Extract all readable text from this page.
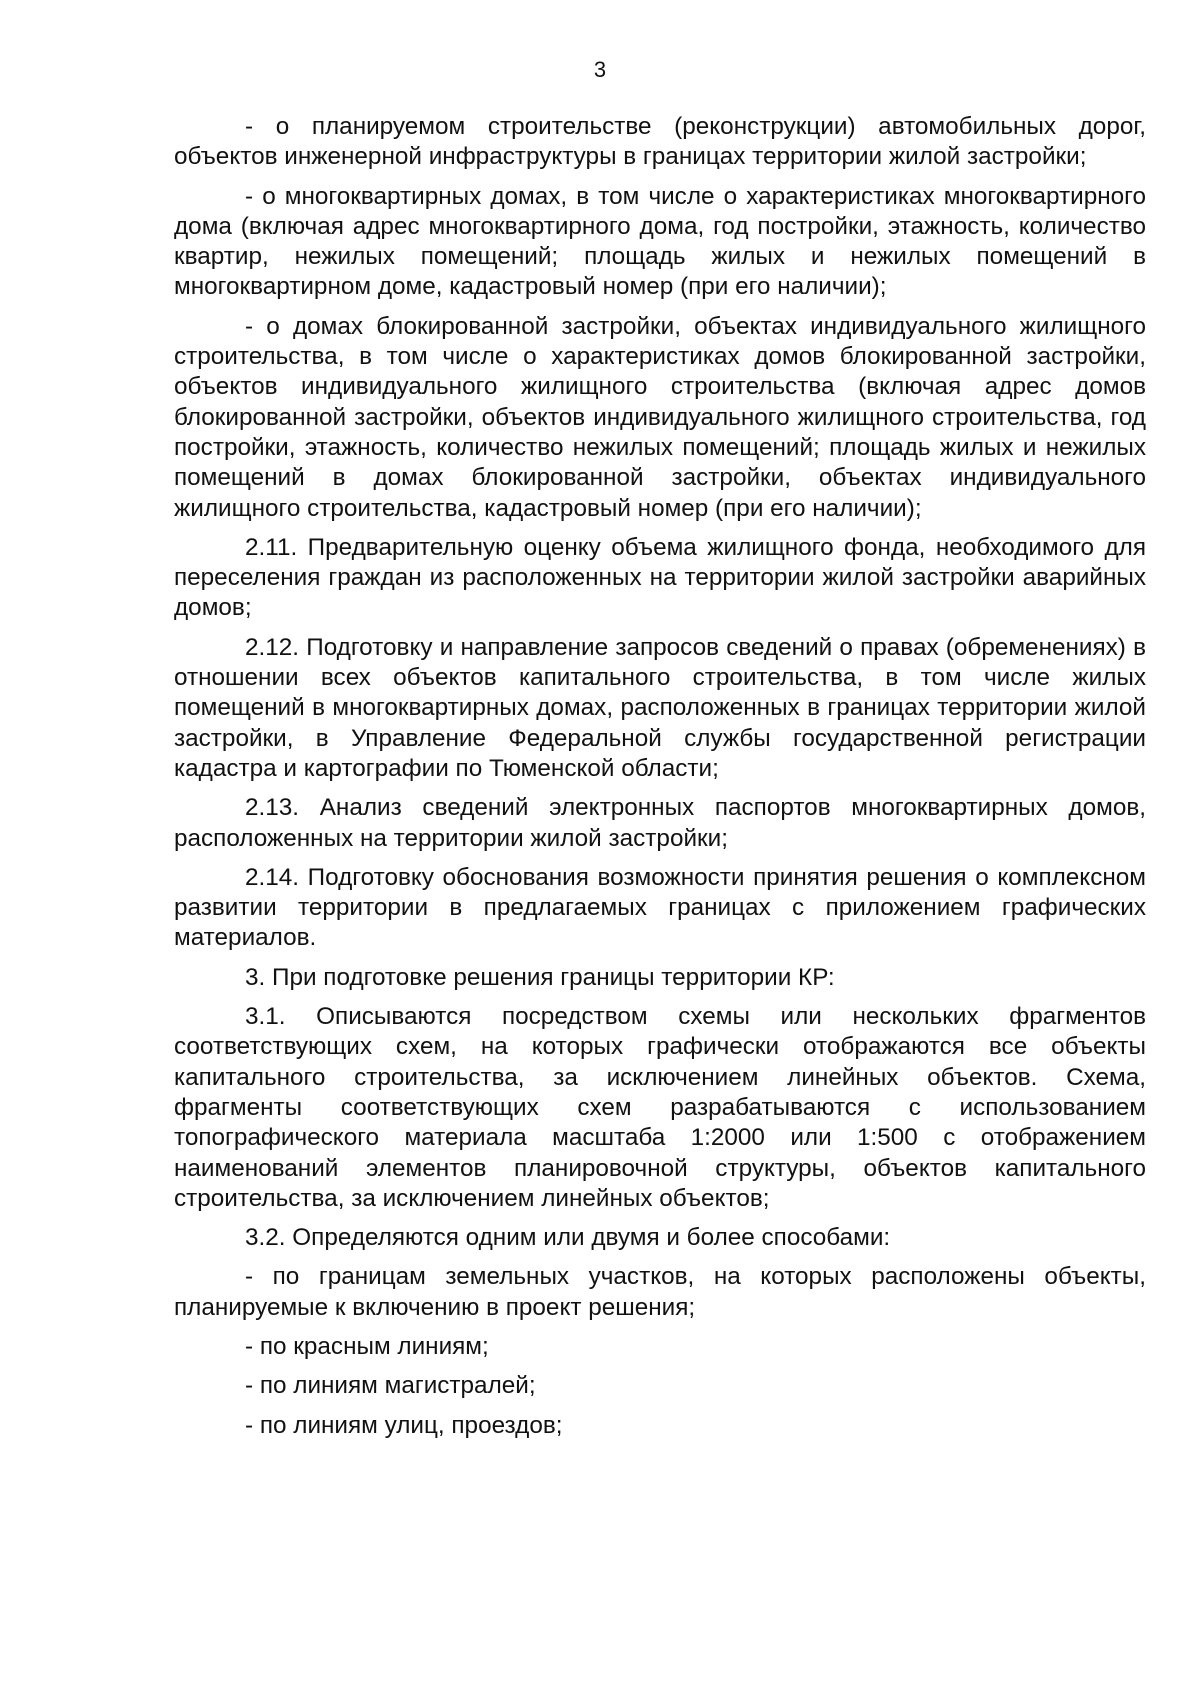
3

- о планируемом строительстве (реконструкции) автомобильных дорог, объектов инженерной инфраструктуры в границах территории жилой застройки;

- о многоквартирных домах, в том числе о характеристиках многоквартирного дома (включая адрес многоквартирного дома, год постройки, этажность, количество квартир, нежилых помещений; площадь жилых и нежилых помещений в многоквартирном доме, кадастровый номер (при его наличии);

- о домах блокированной застройки, объектах индивидуального жилищного строительства, в том числе о характеристиках домов блокированной застройки, объектов индивидуального жилищного строительства (включая адрес домов блокированной застройки, объектов индивидуального жилищного строительства, год постройки, этажность, количество нежилых помещений; площадь жилых и нежилых помещений в домах блокированной застройки, объектах индивидуального жилищного строительства, кадастровый номер (при его наличии);

2.11. Предварительную оценку объема жилищного фонда, необходимого для переселения граждан из расположенных на территории жилой застройки аварийных домов;

2.12. Подготовку и направление запросов сведений о правах (обременениях) в отношении всех объектов капитального строительства, в том числе жилых помещений в многоквартирных домах, расположенных в границах территории жилой застройки, в Управление Федеральной службы государственной регистрации кадастра и картографии по Тюменской области;

2.13. Анализ сведений электронных паспортов многоквартирных домов, расположенных на территории жилой застройки;

2.14. Подготовку обоснования возможности принятия решения о комплексном развитии территории в предлагаемых границах с приложением графических материалов.

3. При подготовке решения границы территории КР:

3.1. Описываются посредством схемы или нескольких фрагментов соответствующих схем, на которых графически отображаются все объекты капитального строительства, за исключением линейных объектов. Схема, фрагменты соответствующих схем разрабатываются с использованием топографического материала масштаба 1:2000 или 1:500 с отображением наименований элементов планировочной структуры, объектов капитального строительства, за исключением линейных объектов;

3.2. Определяются одним или двумя и более способами:

- по границам земельных участков, на которых расположены объекты, планируемые к включению в проект решения;

- по красным линиям;

- по линиям магистралей;

- по линиям улиц, проездов;
